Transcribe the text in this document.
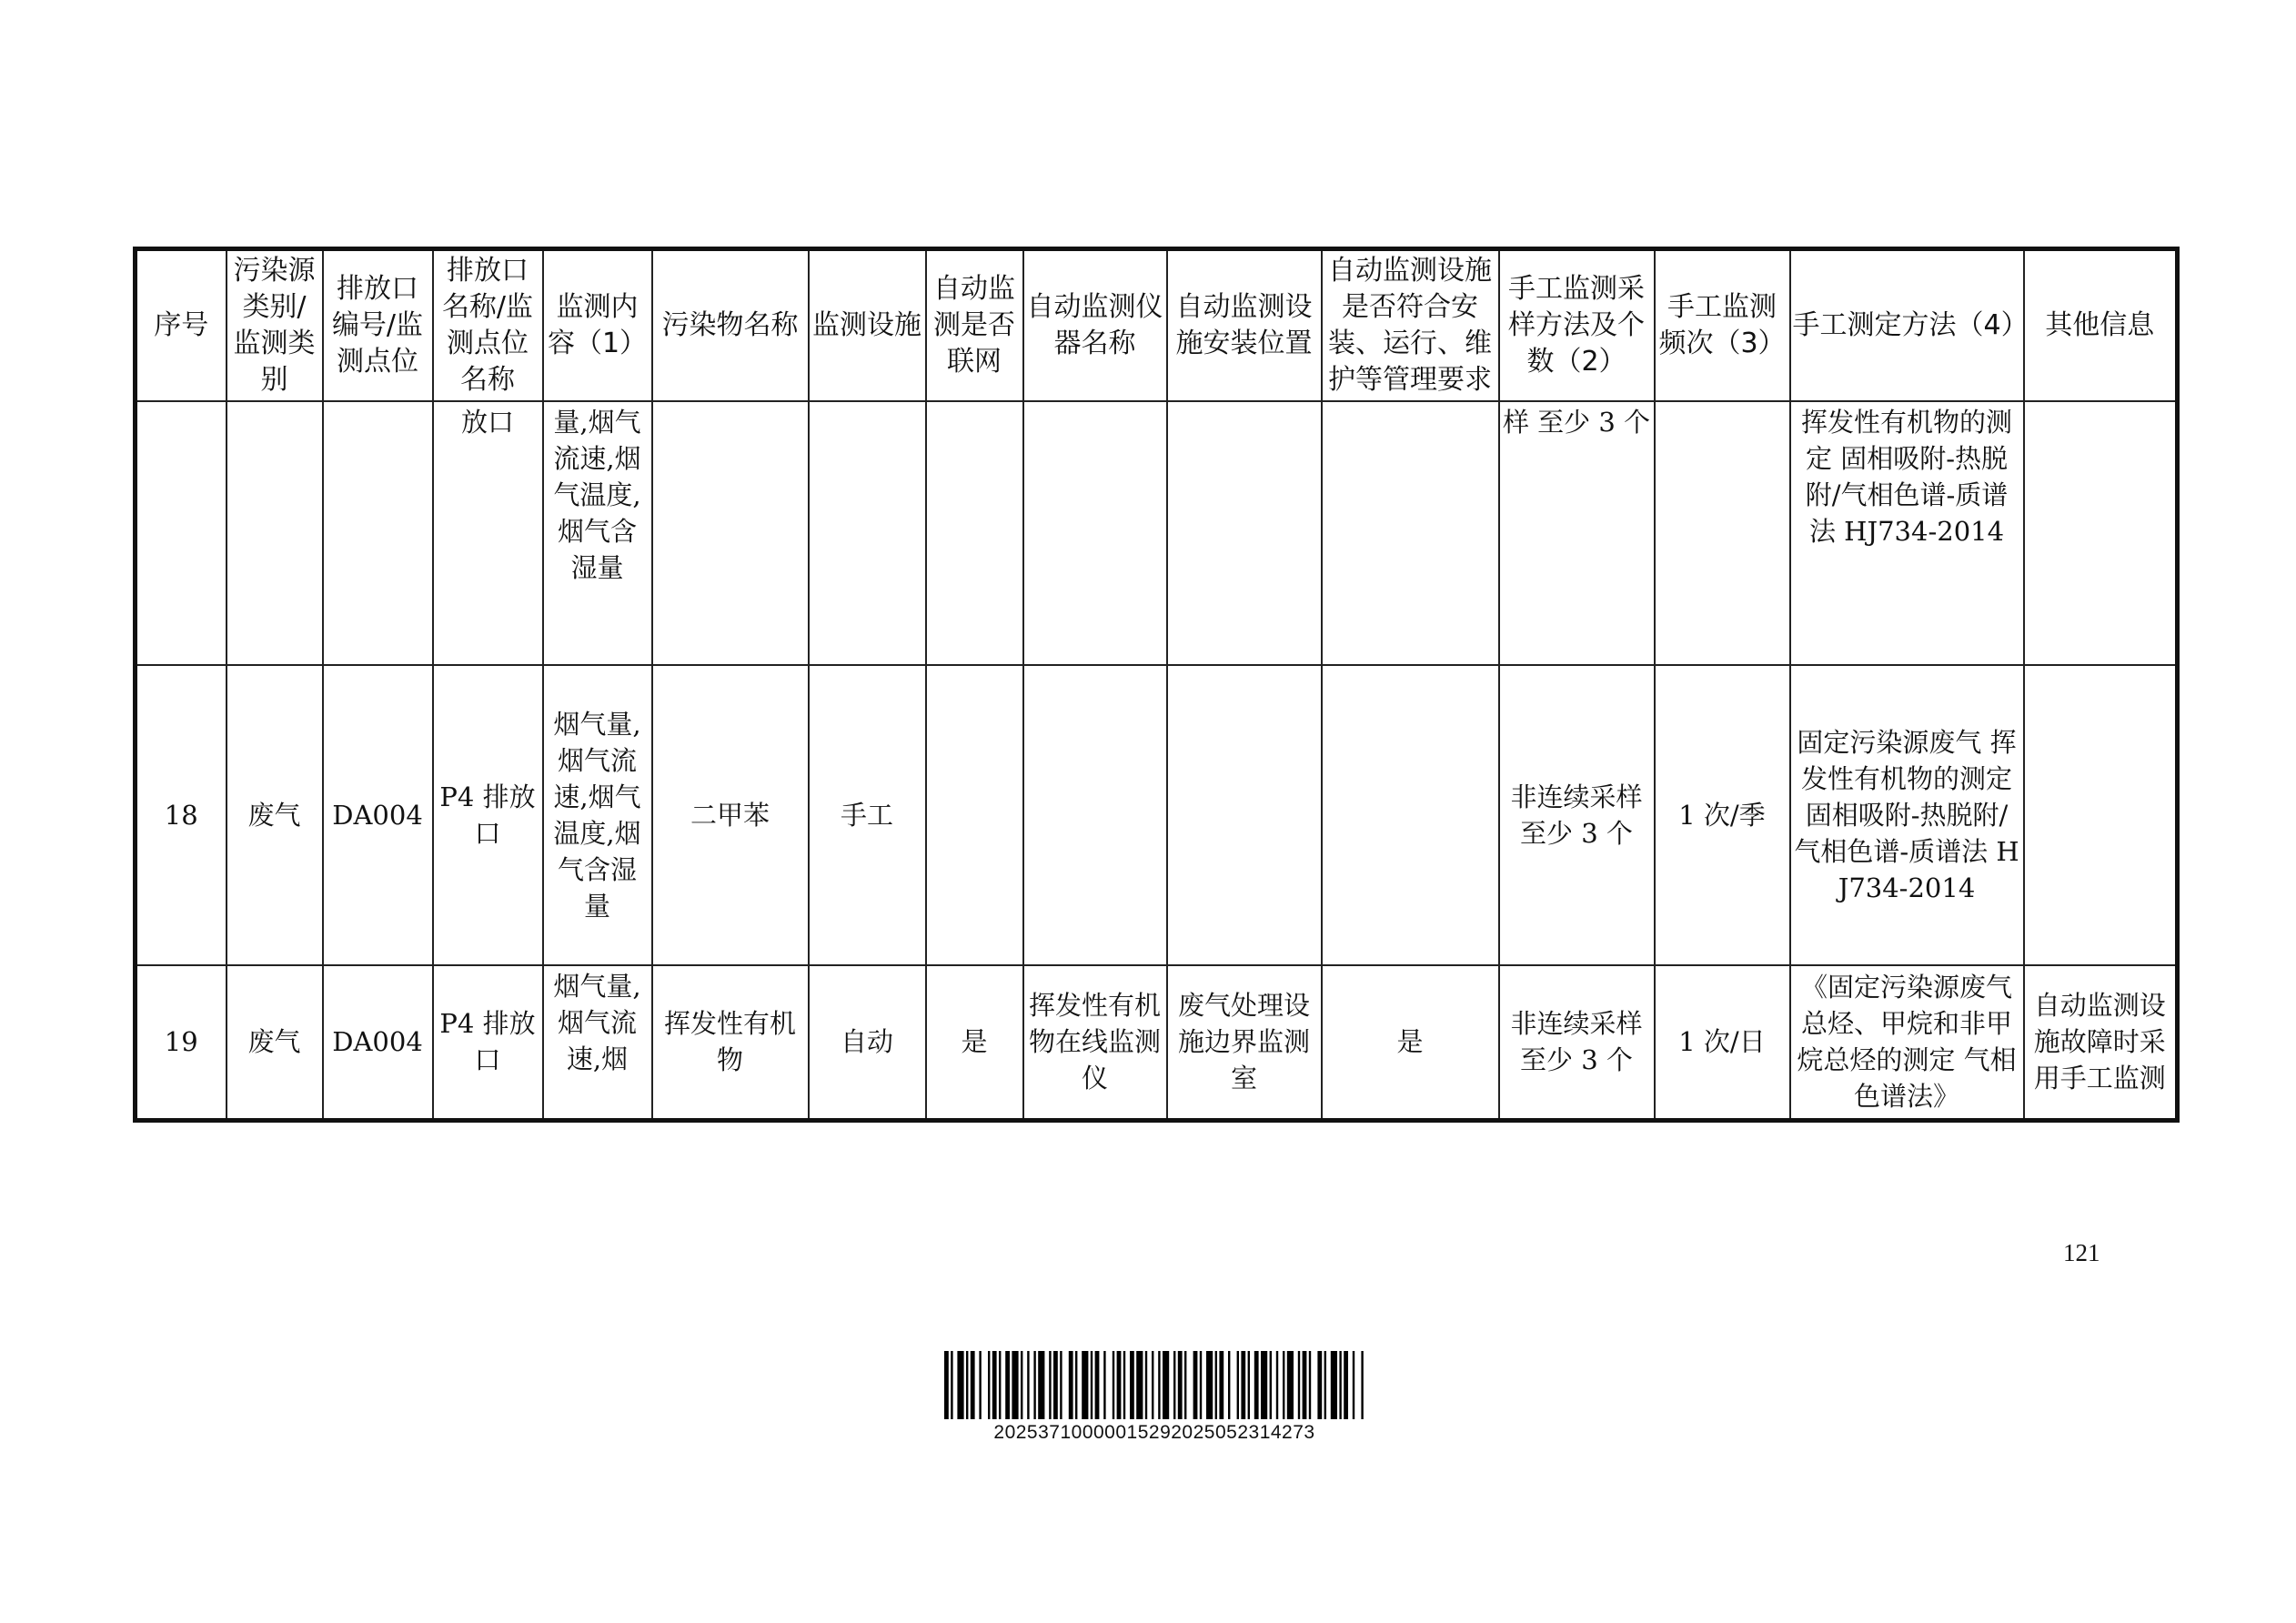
序号	污染源类别/监测类别	排放口编号/监测点位	排放口名称/监测点位名称	监测内容（1）	污染物名称	监测设施	自动监测是否联网	自动监测仪器名称	自动监测设施安装位置	自动监测设施是否符合安装、运行、维护等管理要求	手工监测采样方法及个数（2）	手工监测频次（3）	手工测定方法（4）	其他信息
			放口	量,烟气流速,烟气温度,烟气含湿量							样 至少 3 个		挥发性有机物的测定 固相吸附-热脱附/气相色谱-质谱法 HJ734-2014	
18	废气	DA004	P4 排放口	烟气量,烟气流速,烟气温度,烟气含湿量	二甲苯	手工					非连续采样 至少 3 个	1 次/季	固定污染源废气 挥发性有机物的测定 固相吸附-热脱附/气相色谱-质谱法 HJ734-2014	
19	废气	DA004	P4 排放口	烟气量,烟气流速,烟	挥发性有机物	自动	是	挥发性有机物在线监测仪	废气处理设施边界监测室	是	非连续采样 至少 3 个	1 次/日	《固定污染源废气 总烃、甲烷和非甲烷总烃的测定 气相色谱法》	自动监测设施故障时采用手工监测
121
20253710000015292025052314273
